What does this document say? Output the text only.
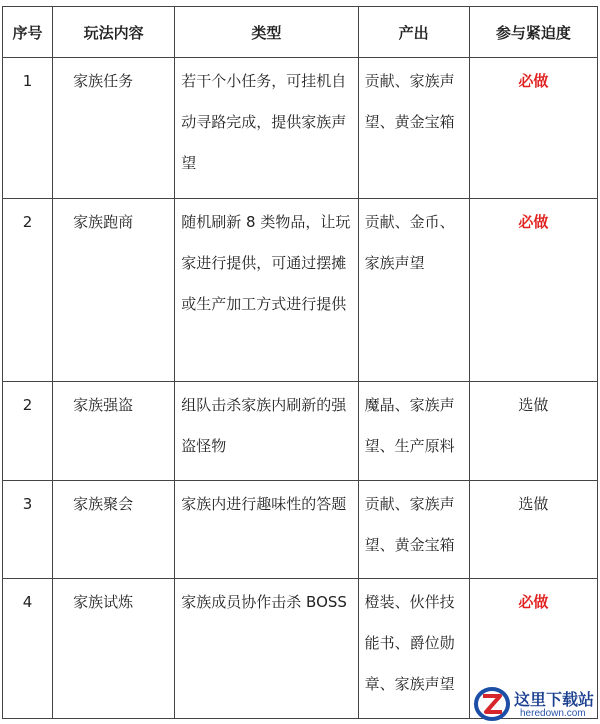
序号	玩法内容	类型	产出	参与紧迫度

1	家族任务	若干个小任务，可挂机自动寻路完成，提供家族声望	贡献、家族声望、黄金宝箱	必做

2	家族跑商	随机刷新 8 类物品，让玩家进行提供，可通过摆摊或生产加工方式进行提供	贡献、金币、家族声望	必做

2	家族强盗	组队击杀家族内刷新的强盗怪物	魔晶、家族声望、生产原料	选做

3	家族聚会	家族内进行趣味性的答题	贡献、家族声望、黄金宝箱	选做

4	家族试炼	家族成员协作击杀 BOSS	橙装、伙伴技能书、爵位勋章、家族声望	必做
这里下载站
heredown.com
